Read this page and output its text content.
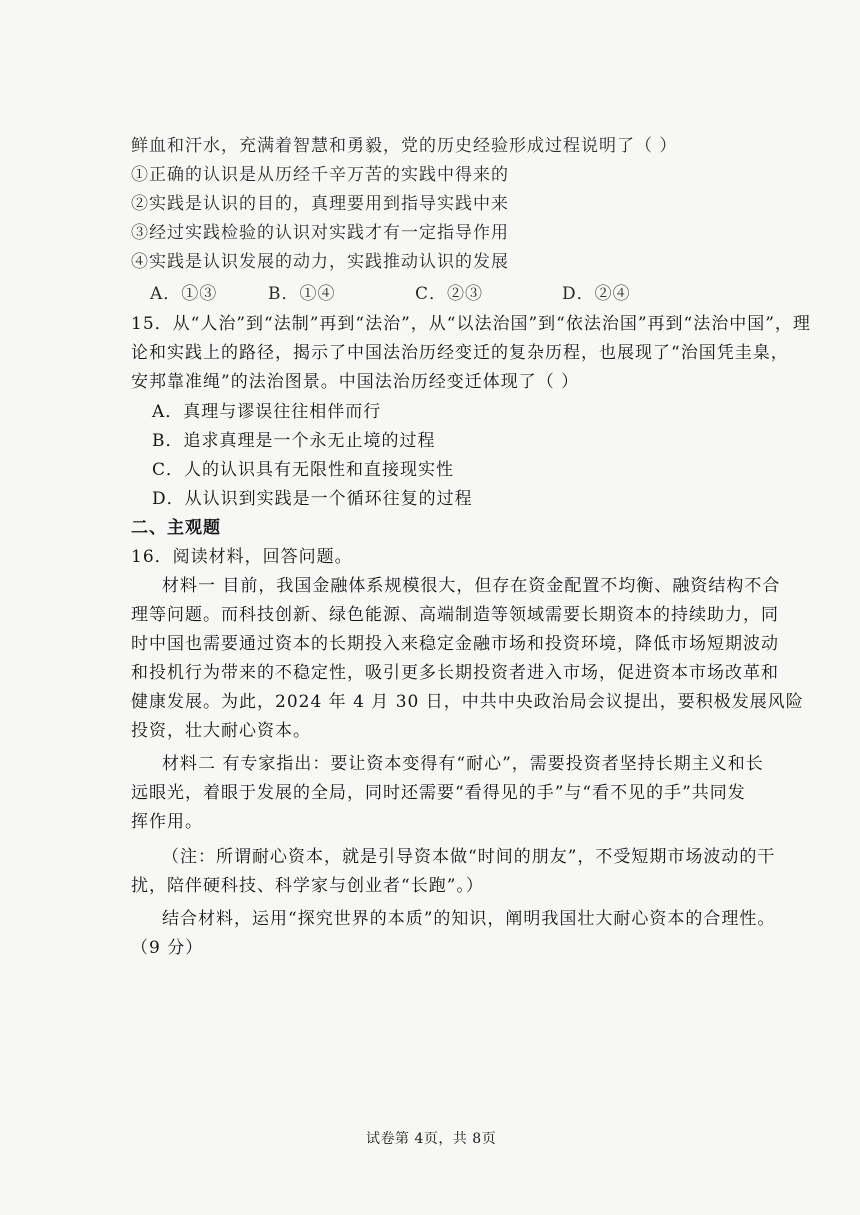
鲜血和汗水，充满着智慧和勇毅，党的历史经验形成过程说明了（ ）
①正确的认识是从历经千辛万苦的实践中得来的
②实践是认识的目的，真理要用到指导实践中来
③经过实践检验的认识对实践才有一定指导作用
④实践是认识发展的动力，实践推动认识的发展
A．①③	B．①④	C．②③	D．②④
15．从“人治”到“法制”再到“法治”，从“以法治国”到“依法治国”再到“法治中国”，理
论和实践上的路径，揭示了中国法治历经变迁的复杂历程，也展现了“治国凭圭臬，
安邦靠准绳”的法治图景。中国法治历经变迁体现了（ ）
A．真理与谬误往往相伴而行
B．追求真理是一个永无止境的过程
C．人的认识具有无限性和直接现实性
D．从认识到实践是一个循环往复的过程
二、主观题
16．阅读材料，回答问题。
材料一 目前，我国金融体系规模很大，但存在资金配置不均衡、融资结构不合
理等问题。而科技创新、绿色能源、高端制造等领域需要长期资本的持续助力，同
时中国也需要通过资本的长期投入来稳定金融市场和投资环境，降低市场短期波动
和投机行为带来的不稳定性，吸引更多长期投资者进入市场，促进资本市场改革和
健康发展。为此，2024 年 4 月 30 日，中共中央政治局会议提出，要积极发展风险
投资，壮大耐心资本。
材料二 有专家指出：要让资本变得有“耐心”，需要投资者坚持长期主义和长
远眼光，着眼于发展的全局，同时还需要“看得见的手”与“看不见的手”共同发
挥作用。
（注：所谓耐心资本，就是引导资本做“时间的朋友”，不受短期市场波动的干
扰，陪伴硬科技、科学家与创业者“长跑”。）
结合材料，运用“探究世界的本质”的知识，阐明我国壮大耐心资本的合理性。
（9 分）
试卷第 4页，共 8页
